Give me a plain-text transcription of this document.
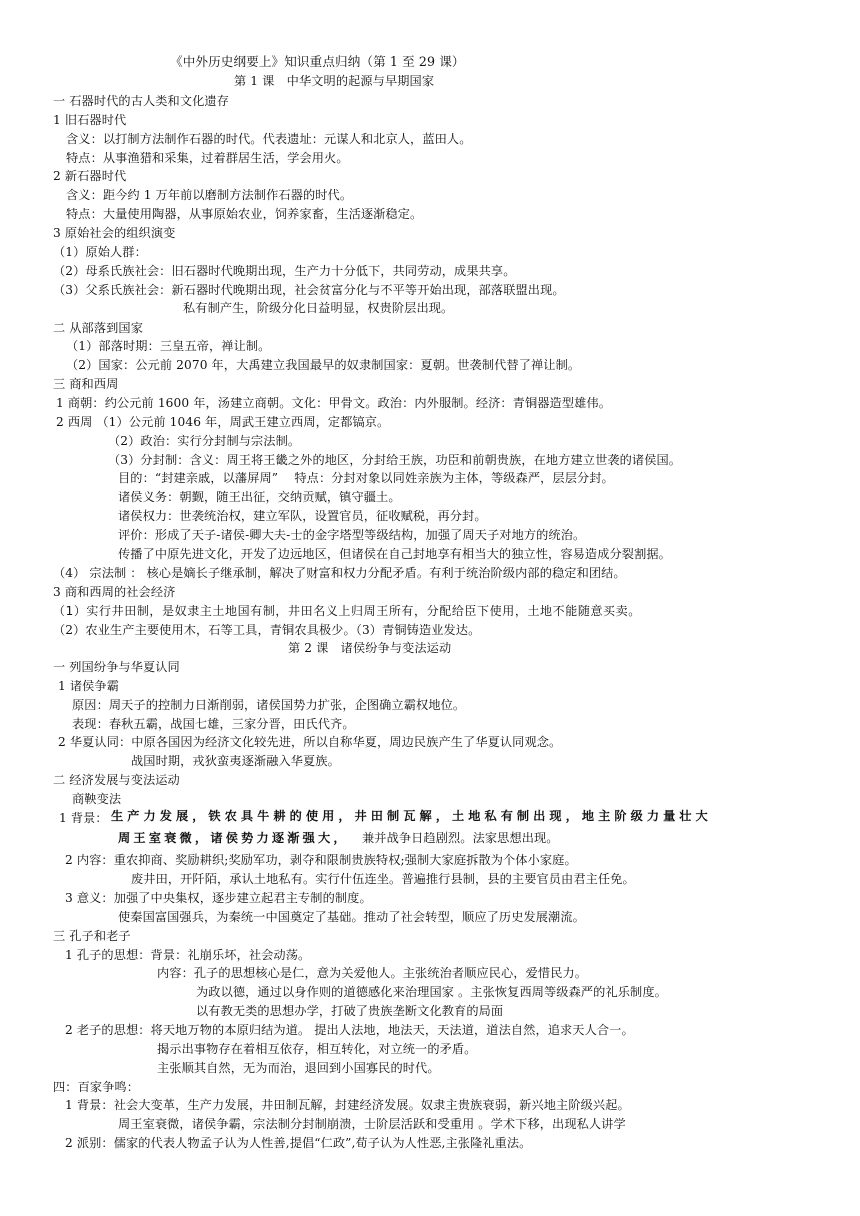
《中外历史纲要上》知识重点归纳（第 1 至 29 课）
第 1 课　中华文明的起源与早期国家
一 石器时代的古人类和文化遗存
1 旧石器时代
含义：以打制方法制作石器的时代。代表遗址：元谋人和北京人，蓝田人。
特点：从事渔猎和采集，过着群居生活，学会用火。
2 新石器时代
含义：距今约 1 万年前以磨制方法制作石器的时代。
特点：大量使用陶器，从事原始农业，饲养家畜，生活逐渐稳定。
3 原始社会的组织演变
（1）原始人群：
（2）母系氏族社会：旧石器时代晚期出现，生产力十分低下，共同劳动，成果共享。
（3）父系氏族社会：新石器时代晚期出现，社会贫富分化与不平等开始出现，部落联盟出现。
私有制产生，阶级分化日益明显，权贵阶层出现。
二 从部落到国家
（1）部落时期：三皇五帝，禅让制。
（2）国家：公元前 2070 年，大禹建立我国最早的奴隶制国家：夏朝。世袭制代替了禅让制。
三 商和西周
1 商朝：约公元前 1600 年，汤建立商朝。文化：甲骨文。政治：内外服制。经济：青铜器造型雄伟。
2 西周 （1）公元前 1046 年，周武王建立西周，定都镐京。
（2）政治：实行分封制与宗法制。
（3）分封制：含义：周王将王畿之外的地区，分封给王族，功臣和前朝贵族，在地方建立世袭的诸侯国。
目的：“封建亲戚，以藩屏周”　 特点：分封对象以同姓亲族为主体，等级森严，层层分封。
诸侯义务：朝觐，随王出征，交纳贡赋，镇守疆土。
诸侯权力：世袭统治权，建立军队，设置官员，征收赋税，再分封。
评价：形成了天子-诸侯-卿大夫-士的金字塔型等级结构，加强了周天子对地方的统治。
传播了中原先进文化，开发了边远地区，但诸侯在自己封地享有相当大的独立性，容易造成分裂割据。
（4） 宗法制 ： 核心是嫡长子继承制，解决了财富和权力分配矛盾。有利于统治阶级内部的稳定和团结。
3 商和西周的社会经济
（1）实行井田制，是奴隶主土地国有制，井田名义上归周王所有，分配给臣下使用，土地不能随意买卖。
（2）农业生产主要使用木，石等工具，青铜农具极少。（3）青铜铸造业发达。
第 2 课　诸侯纷争与变法运动
一 列国纷争与华夏认同
1 诸侯争霸
原因：周天子的控制力日渐削弱，诸侯国势力扩张，企图确立霸权地位。
表现：春秋五霸，战国七雄，三家分晋，田氏代齐。
2 华夏认同：中原各国因为经济文化较先进，所以自称华夏，周边民族产生了华夏认同观念。
战国时期，戎狄蛮夷逐渐融入华夏族。
二 经济发展与变法运动
商鞅变法
1 背景： 生产力发展，铁农具牛耕的使用，井田制瓦解，土地私有制出现，地主阶级力量壮大
周王室衰微，诸侯势力逐渐强大， 兼并战争日趋剧烈。法家思想出现。
2 内容：重农抑商、奖励耕织;奖励军功，剥夺和限制贵族特权;强制大家庭拆散为个体小家庭。
废井田，开阡陌，承认土地私有。实行什伍连坐。普遍推行县制，县的主要官员由君主任免。
3 意义：加强了中央集权，逐步建立起君主专制的制度。
使秦国富国强兵，为秦统一中国奠定了基础。推动了社会转型，顺应了历史发展潮流。
三 孔子和老子
1 孔子的思想：背景：礼崩乐坏，社会动荡。
内容：孔子的思想核心是仁，意为关爱他人。主张统治者顺应民心，爱惜民力。
为政以德，通过以身作则的道德感化来治理国家 。主张恢复西周等级森严的礼乐制度。
以有教无类的思想办学，打破了贵族垄断文化教育的局面
2 老子的思想：将天地万物的本原归结为道。 提出人法地，地法天，天法道，道法自然，追求天人合一。
揭示出事物存在着相互依存，相互转化，对立统一的矛盾。
主张顺其自然，无为而治，退回到小国寡民的时代。
四：百家争鸣：
1 背景：社会大变革，生产力发展，井田制瓦解，封建经济发展。奴隶主贵族衰弱，新兴地主阶级兴起。
周王室衰微，诸侯争霸，宗法制分封制崩溃，士阶层活跃和受重用 。学术下移，出现私人讲学
2 派别：儒家的代表人物孟子认为人性善,提倡“仁政”,荀子认为人性恶,主张隆礼重法。
